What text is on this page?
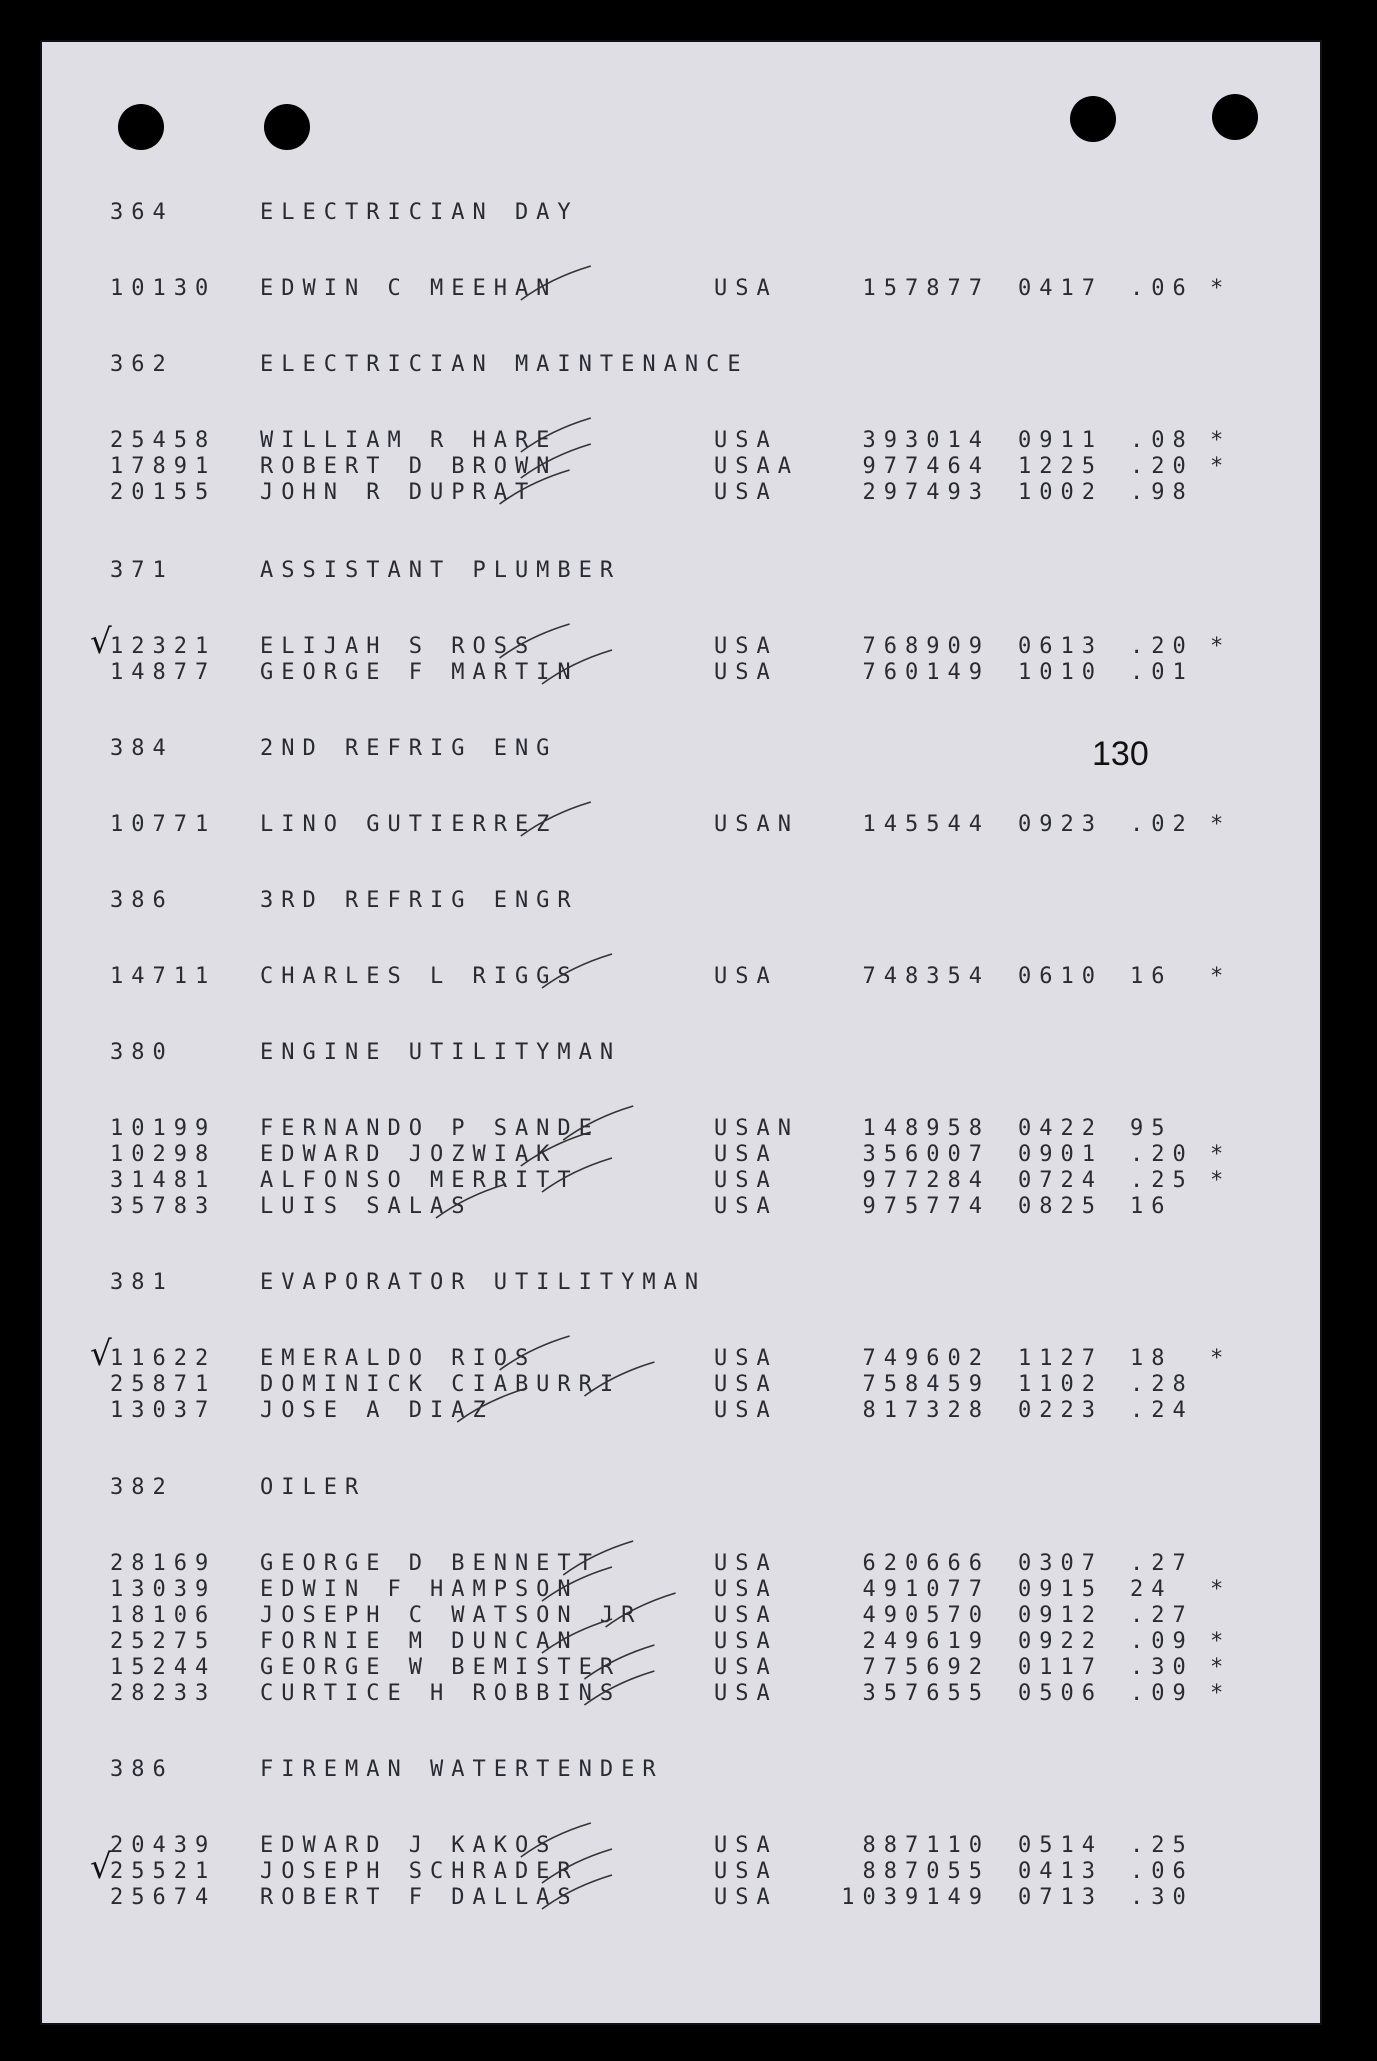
364	ELECTRICIAN DAY
10130 EDWIN C MEEHAN	USA	157877 0417 .06 *
362	ELECTRICIAN MAINTENANCE
25458 WILLIAM R HARE	USA	393014 0911 .08 *
17891 ROBERT D BROWN	USAA	977464 1225 .20 *
20155 JOHN R DUPRAT	USA	297493 1002 .98
371	ASSISTANT PLUMBER
12321 ELIJAH S ROSS	USA	768909 0613 .20 *
√
14877 GEORGE F MARTIN	USA	760149 1010 .01
384	2ND REFRIG ENG
10771 LINO GUTIERREZ	USAN	145544 0923 .02 *
386	3RD REFRIG ENGR
14711 CHARLES L RIGGS	USA	748354 0610 16 *
380	ENGINE UTILITYMAN
10199 FERNANDO P SANDE	USAN	148958 0422 95
10298 EDWARD JOZWIAK	USA	356007 0901 .20 *
31481 ALFONSO MERRITT	USA	977284 0724 .25 *
35783 LUIS SALAS	USA	975774 0825 16
381	EVAPORATOR UTILITYMAN
11622 EMERALDO RIOS	USA	749602 1127 18 *
√
25871 DOMINICK CIABURRI	USA	758459 1102 .28
13037 JOSE A DIAZ	USA	817328 0223 .24
382	OILER
28169 GEORGE D BENNETT	USA	620666 0307 .27
13039 EDWIN F HAMPSON	USA	491077 0915 24 *
18106 JOSEPH C WATSON JR	USA	490570 0912 .27
25275 FORNIE M DUNCAN	USA	249619 0922 .09 *
15244 GEORGE W BEMISTER	USA	775692 0117 .30 *
28233 CURTICE H ROBBINS	USA	357655 0506 .09 *
386	FIREMAN WATERTENDER
20439 EDWARD J KAKOS	USA	887110 0514 .25
25521 JOSEPH SCHRADER	USA	887055 0413 .06
√
25674 ROBERT F DALLAS	USA	1039149 0713 .30
130
